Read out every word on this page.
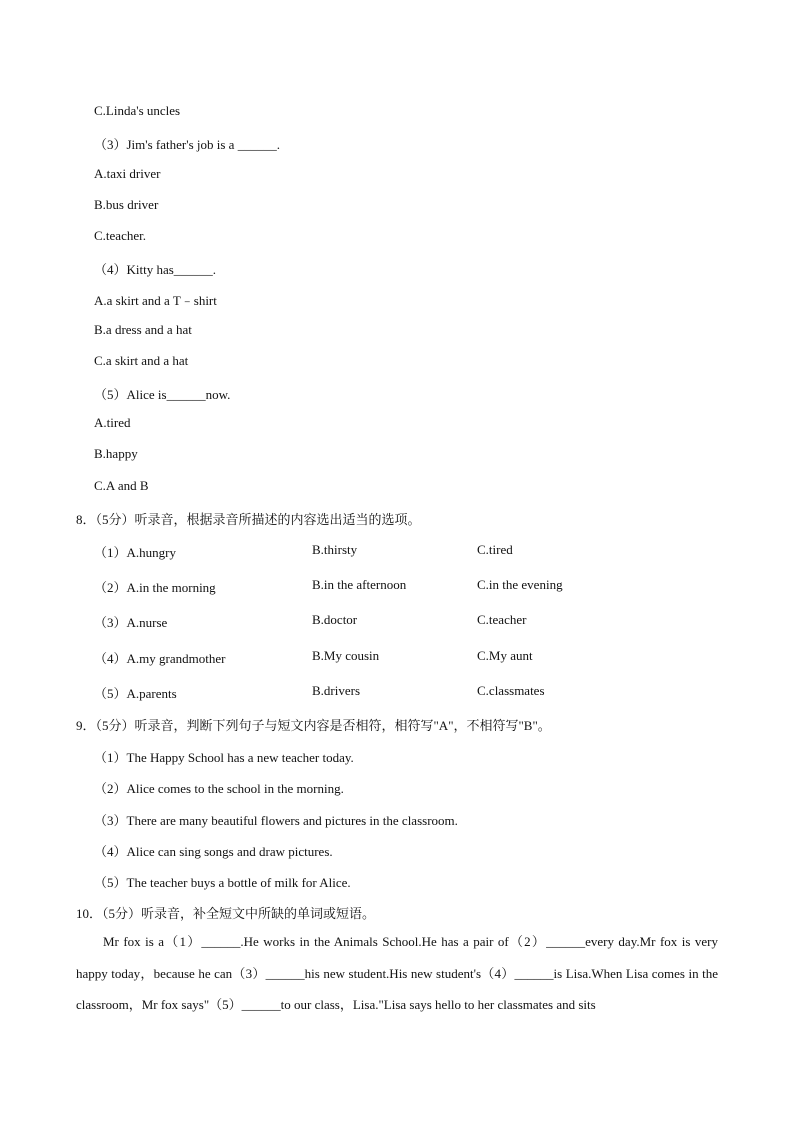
C.Linda's uncles
（3）Jim's father's job is a ______.
A.taxi driver
B.bus driver
C.teacher.
（4）Kitty has______.
A.a skirt and a T﹣shirt
B.a dress and a hat
C.a skirt and a hat
（5）Alice is______now.
A.tired
B.happy
C.A and B
8．（5分）听录音，根据录音所描述的内容选出适当的选项。
（1）A.hungry	B.thirsty	C.tired
（2）A.in the morning	B.in the afternoon	C.in the evening
（3）A.nurse	B.doctor	C.teacher
（4）A.my grandmother	B.My cousin	C.My aunt
（5）A.parents	B.drivers	C.classmates
9．（5分）听录音，判断下列句子与短文内容是否相符，相符写"A"，不相符写"B"。
（1）The Happy School has a new teacher today.
（2）Alice comes to the school in the morning.
（3）There are many beautiful flowers and pictures in the classroom.
（4）Alice can sing songs and draw pictures.
（5）The teacher buys a bottle of milk for Alice.
10．（5分）听录音，补全短文中所缺的单词或短语。
Mr fox is a（1）______.He works in the Animals School.He has a pair of（2）______every day.Mr fox is very happy today，because he can（3）______his new student.His new student's（4）______is Lisa.When Lisa comes in the classroom，Mr fox says"（5）______to our class，Lisa."Lisa says hello to her classmates and sits
